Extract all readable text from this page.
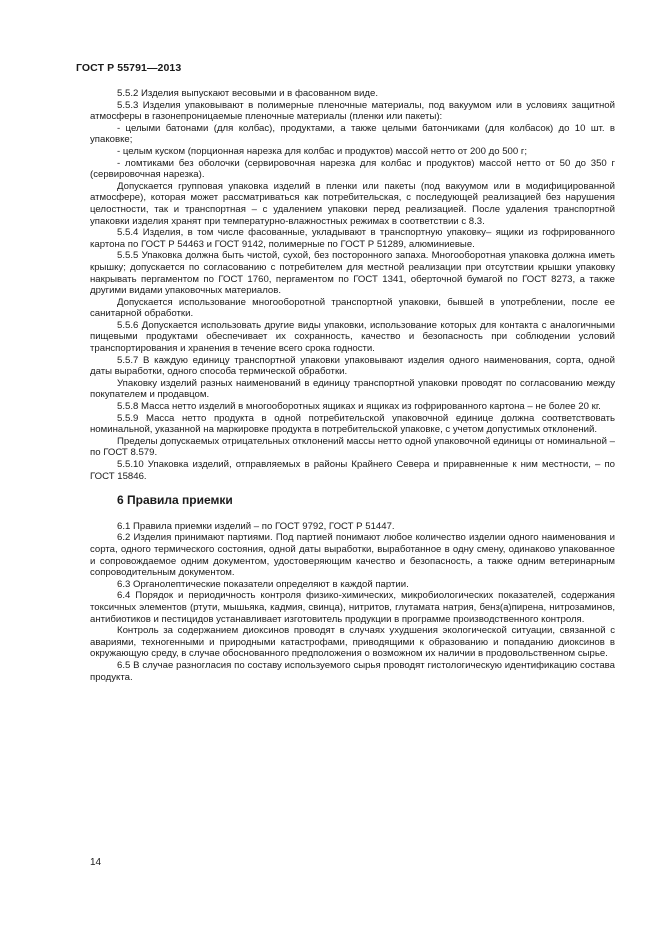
ГОСТ Р 55791—2013

5.5.2 Изделия выпускают весовыми и в фасованном виде.

5.5.3 Изделия упаковывают в полимерные пленочные материалы, под вакуумом или в условиях защитной атмосферы в газонепроницаемые пленочные материалы (пленки или пакеты):

- целыми батонами (для колбас), продуктами, а также целыми батончиками (для колбасок) до 10 шт. в упаковке;

- целым куском (порционная нарезка для колбас и продуктов) массой нетто от 200 до 500 г;

- ломтиками без оболочки (сервировочная нарезка для колбас и продуктов) массой нетто от 50 до 350 г (сервировочная нарезка).

Допускается групповая упаковка изделий в пленки или пакеты (под вакуумом или в модифицированной атмосфере), которая может рассматриваться как потребительская, с последующей реализацией без нарушения целостности, так и транспортная – с удалением упаковки перед реализацией. После удаления транспортной упаковки изделия хранят при температурно-влажностных режимах в соответствии с 8.3.

5.5.4 Изделия, в том числе фасованные, укладывают в транспортную упаковку– ящики из гофрированного картона по ГОСТ Р 54463 и ГОСТ 9142, полимерные по ГОСТ Р 51289, алюминиевые.

5.5.5 Упаковка должна быть чистой, сухой, без посторонного запаха. Многооборотная упаковка должна иметь крышку; допускается по согласованию с потребителем для местной реализации при отсутствии крышки упаковку накрывать пергаментом по ГОСТ 1760, пергаментом по ГОСТ 1341, оберточной бумагой по ГОСТ 8273, а также другими видами упаковочных материалов.

Допускается использование многооборотной транспортной упаковки, бывшей в употреблении, после ее санитарной обработки.

5.5.6 Допускается использовать другие виды упаковки, использование которых для контакта с аналогичными пищевыми продуктами обеспечивает их сохранность, качество и безопасность при соблюдении условий транспортирования и хранения в течение всего срока годности.

5.5.7 В каждую единицу транспортной упаковки упаковывают изделия одного наименования, сорта, одной даты выработки, одного способа термической обработки.

Упаковку изделий разных наименований в единицу транспортной упаковки проводят по согласованию между покупателем и продавцом.

5.5.8 Масса нетто изделий в многооборотных ящиках и ящиках из гофрированного картона – не более 20 кг.

5.5.9 Масса нетто продукта в одной потребительской упаковочной единице должна соответствовать номинальной, указанной на маркировке продукта в потребительской упаковке, с учетом допустимых отклонений.

Пределы допускаемых отрицательных отклонений массы нетто одной упаковочной единицы от номинальной – по ГОСТ 8.579.

5.5.10 Упаковка изделий, отправляемых в районы Крайнего Севера и приравненные к ним местности, – по ГОСТ 15846.

6 Правила приемки

6.1 Правила приемки изделий – по ГОСТ 9792, ГОСТ Р 51447.

6.2 Изделия принимают партиями. Под партией понимают любое количество изделии одного наименования и сорта, одного термического состояния, одной даты выработки, выработанное в одну смену, одинаково упакованное и сопровождаемое одним документом, удостоверяющим качество и безопасность, а также одним ветеринарным сопроводительным документом.

6.3 Органолептические показатели определяют в каждой партии.

6.4 Порядок и периодичность контроля физико-химических, микробиологических показателей, содержания токсичных элементов (ртути, мышьяка, кадмия, свинца), нитритов, глутамата натрия, бенз(а)пирена, нитрозаминов, антибиотиков и пестицидов устанавливает изготовитель продукции в программе производственного контроля.

Контроль за содержанием диоксинов проводят в случаях ухудшения экологической ситуации, связанной с авариями, техногенными и природными катастрофами, приводящими к образованию и попаданию диоксинов в окружающую среду, в случае обоснованного предположения о возможном их наличии в продовольственном сырье.

6.5 В случае разногласия по составу используемого сырья проводят гистологическую идентификацию состава продукта.

14
